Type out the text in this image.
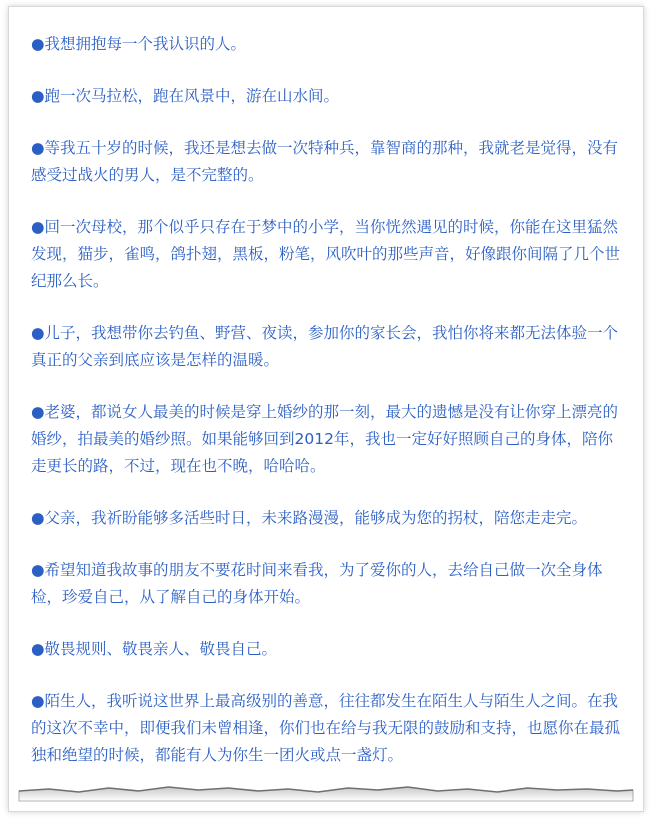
●我想拥抱每一个我认识的人。

●跑一次马拉松，跑在风景中，游在山水间。

●等我五十岁的时候，我还是想去做一次特种兵，靠智商的那种，我就老是觉得，没有感受过战火的男人，是不完整的。

●回一次母校，那个似乎只存在于梦中的小学，当你恍然遇见的时候，你能在这里猛然发现，猫步，雀鸣，鸽扑翅，黑板，粉笔，风吹叶的那些声音，好像跟你间隔了几个世纪那么长。

●儿子，我想带你去钓鱼、野营、夜读，参加你的家长会，我怕你将来都无法体验一个真正的父亲到底应该是怎样的温暖。

●老婆，都说女人最美的时候是穿上婚纱的那一刻，最大的遗憾是没有让你穿上漂亮的婚纱，拍最美的婚纱照。如果能够回到2012年，我也一定好好照顾自己的身体，陪你走更长的路，不过，现在也不晚，哈哈哈。

●父亲，我祈盼能够多活些时日，未来路漫漫，能够成为您的拐杖，陪您走走完。

●希望知道我故事的朋友不要花时间来看我，为了爱你的人，去给自己做一次全身体检，珍爱自己，从了解自己的身体开始。

●敬畏规则、敬畏亲人、敬畏自己。

●陌生人，我听说这世界上最高级别的善意，往往都发生在陌生人与陌生人之间。在我的这次不幸中，即便我们未曾相逢，你们也在给与我无限的鼓励和支持，也愿你在最孤独和绝望的时候，都能有人为你生一团火或点一盏灯。
